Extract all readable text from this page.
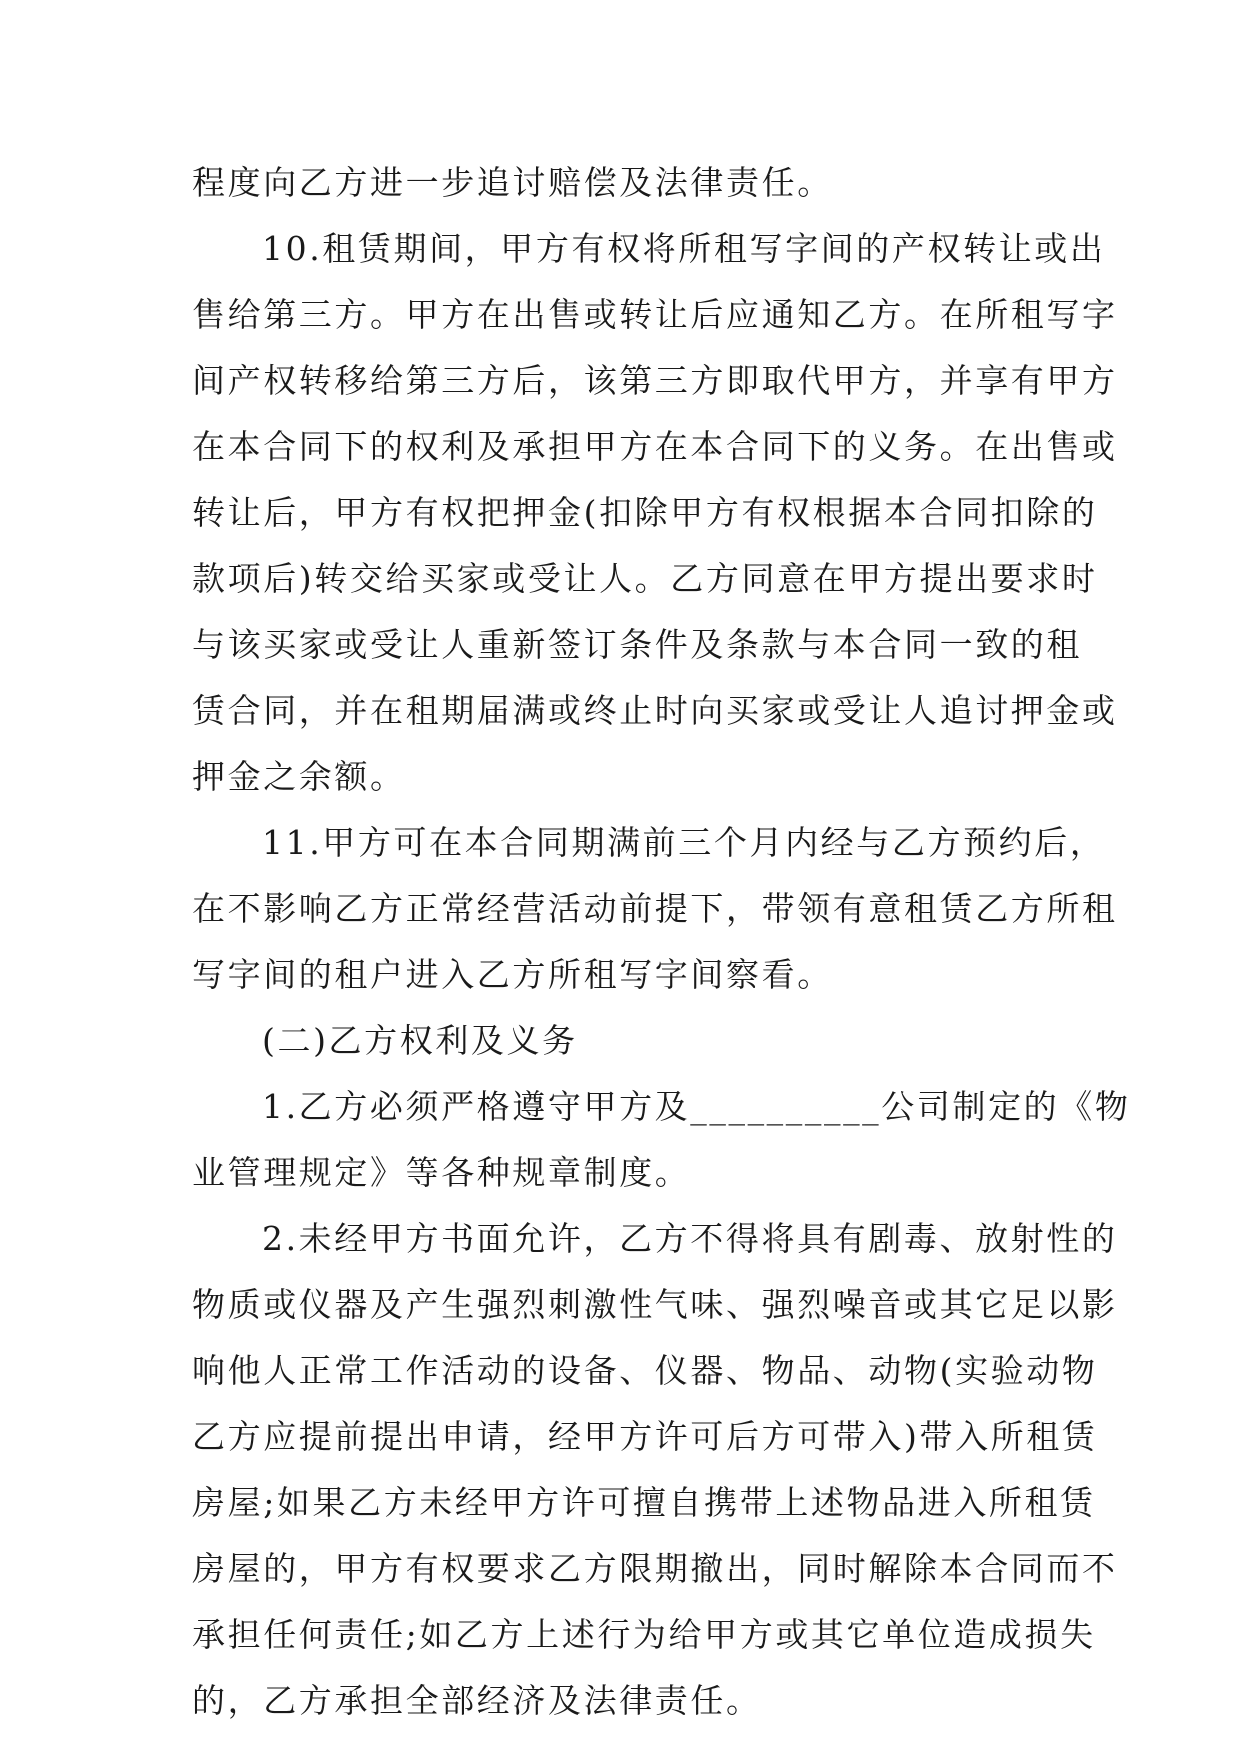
程度向乙方进一步追讨赔偿及法律责任。
10.租赁期间，甲方有权将所租写字间的产权转让或出
售给第三方。甲方在出售或转让后应通知乙方。在所租写字
间产权转移给第三方后，该第三方即取代甲方，并享有甲方
在本合同下的权利及承担甲方在本合同下的义务。在出售或
转让后，甲方有权把押金(扣除甲方有权根据本合同扣除的
款项后)转交给买家或受让人。乙方同意在甲方提出要求时
与该买家或受让人重新签订条件及条款与本合同一致的租
赁合同，并在租期届满或终止时向买家或受让人追讨押金或
押金之余额。
11.甲方可在本合同期满前三个月内经与乙方预约后，
在不影响乙方正常经营活动前提下，带领有意租赁乙方所租
写字间的租户进入乙方所租写字间察看。
(二)乙方权利及义务
1.乙方必须严格遵守甲方及__________公司制定的《物
业管理规定》等各种规章制度。
2.未经甲方书面允许，乙方不得将具有剧毒、放射性的
物质或仪器及产生强烈刺激性气味、强烈噪音或其它足以影
响他人正常工作活动的设备、仪器、物品、动物(实验动物
乙方应提前提出申请，经甲方许可后方可带入)带入所租赁
房屋;如果乙方未经甲方许可擅自携带上述物品进入所租赁
房屋的，甲方有权要求乙方限期撤出，同时解除本合同而不
承担任何责任;如乙方上述行为给甲方或其它单位造成损失
的，乙方承担全部经济及法律责任。
